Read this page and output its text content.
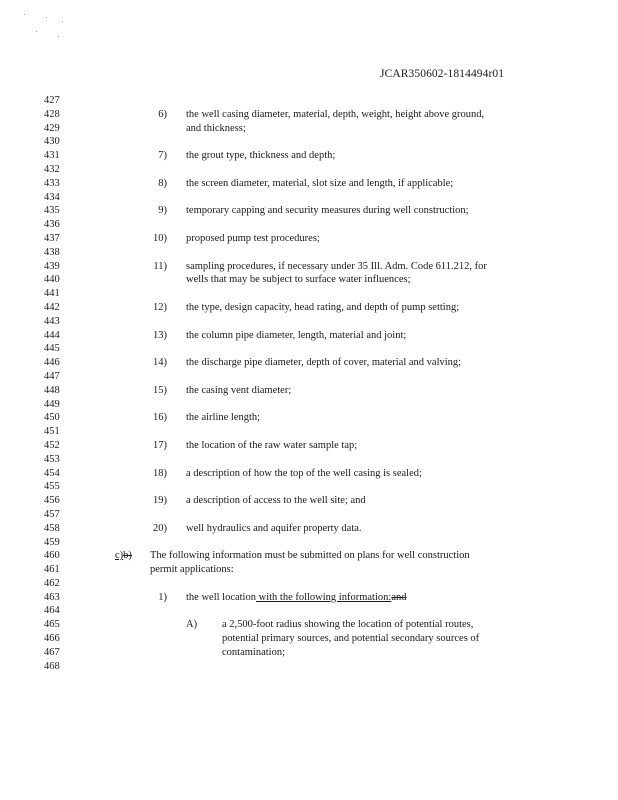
JCAR350602-1814494r01
427
428	6) the well casing diameter, material, depth, weight, height above ground,
429	and thickness;
430
431	7) the grout type, thickness and depth;
432
433	8) the screen diameter, material, slot size and length, if applicable;
434
435	9) temporary capping and security measures during well construction;
436
437	10) proposed pump test procedures;
438
439	11) sampling procedures, if necessary under 35 Ill. Adm. Code 611.212, for
440	wells that may be subject to surface water influences;
441
442	12) the type, design capacity, head rating, and depth of pump setting;
443
444	13) the column pipe diameter, length, material and joint;
445
446	14) the discharge pipe diameter, depth of cover, material and valving;
447
448	15) the casing vent diameter;
449
450	16) the airline length;
451
452	17) the location of the raw water sample tap;
453
454	18) a description of how the top of the well casing is sealed;
455
456	19) a description of access to the well site; and
457
458	20) well hydraulics and aquifer property data.
459
460	c)b) The following information must be submitted on plans for well construction
461	permit applications:
462
463	1) the well location with the following information:and
464
465	A) a 2,500-foot radius showing the location of potential routes,
466	potential primary sources, and potential secondary sources of
467	contamination;
468
